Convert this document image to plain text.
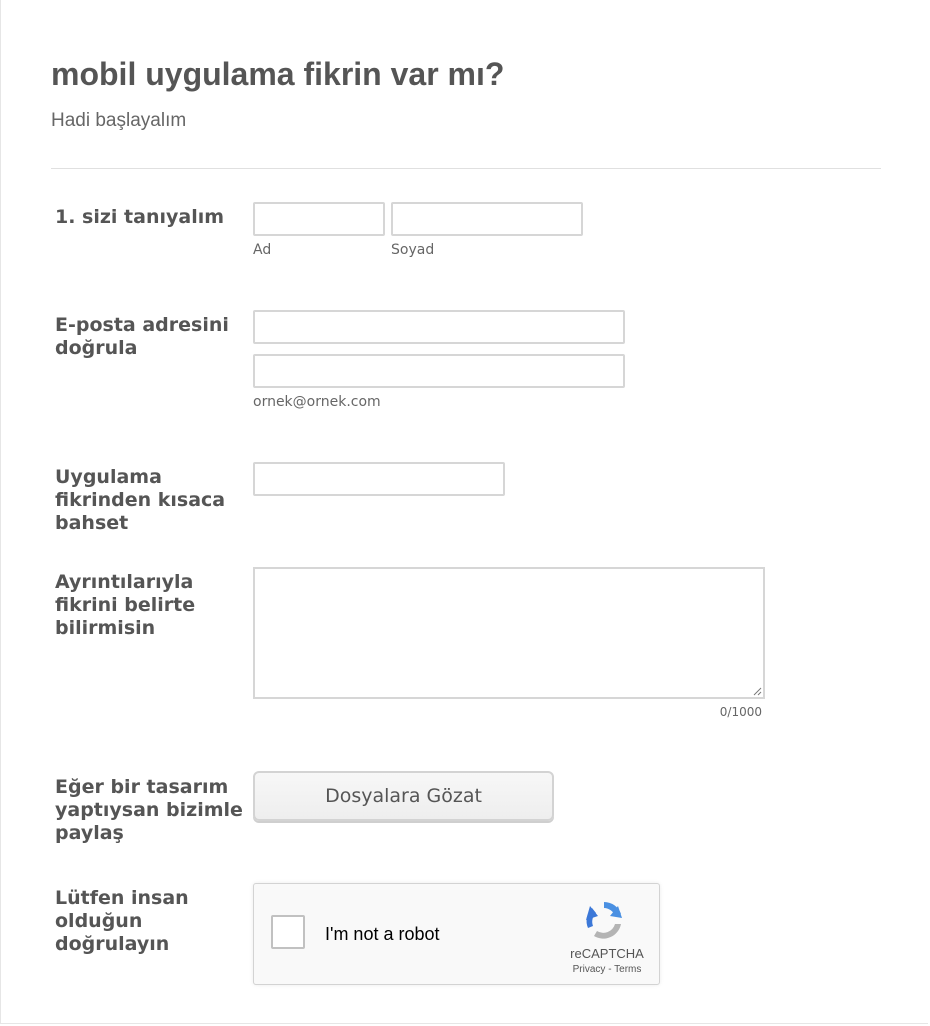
mobil uygulama fikrin var mı?

Hadi başlayalım

1. sizi tanıyalım
Ad	Soyad
E-posta adresini doğrula
ornek@ornek.com
Uygulama fikrinden kısaca bahset
Ayrıntılarıyla fikrini belirte bilirmisin
0/1000
Eğer bir tasarım yaptıysan bizimle paylaş
Dosyalara Gözat
Lütfen insan olduğun doğrulayın	I'm not a robot
reCAPTCHA
Privacy - Terms
